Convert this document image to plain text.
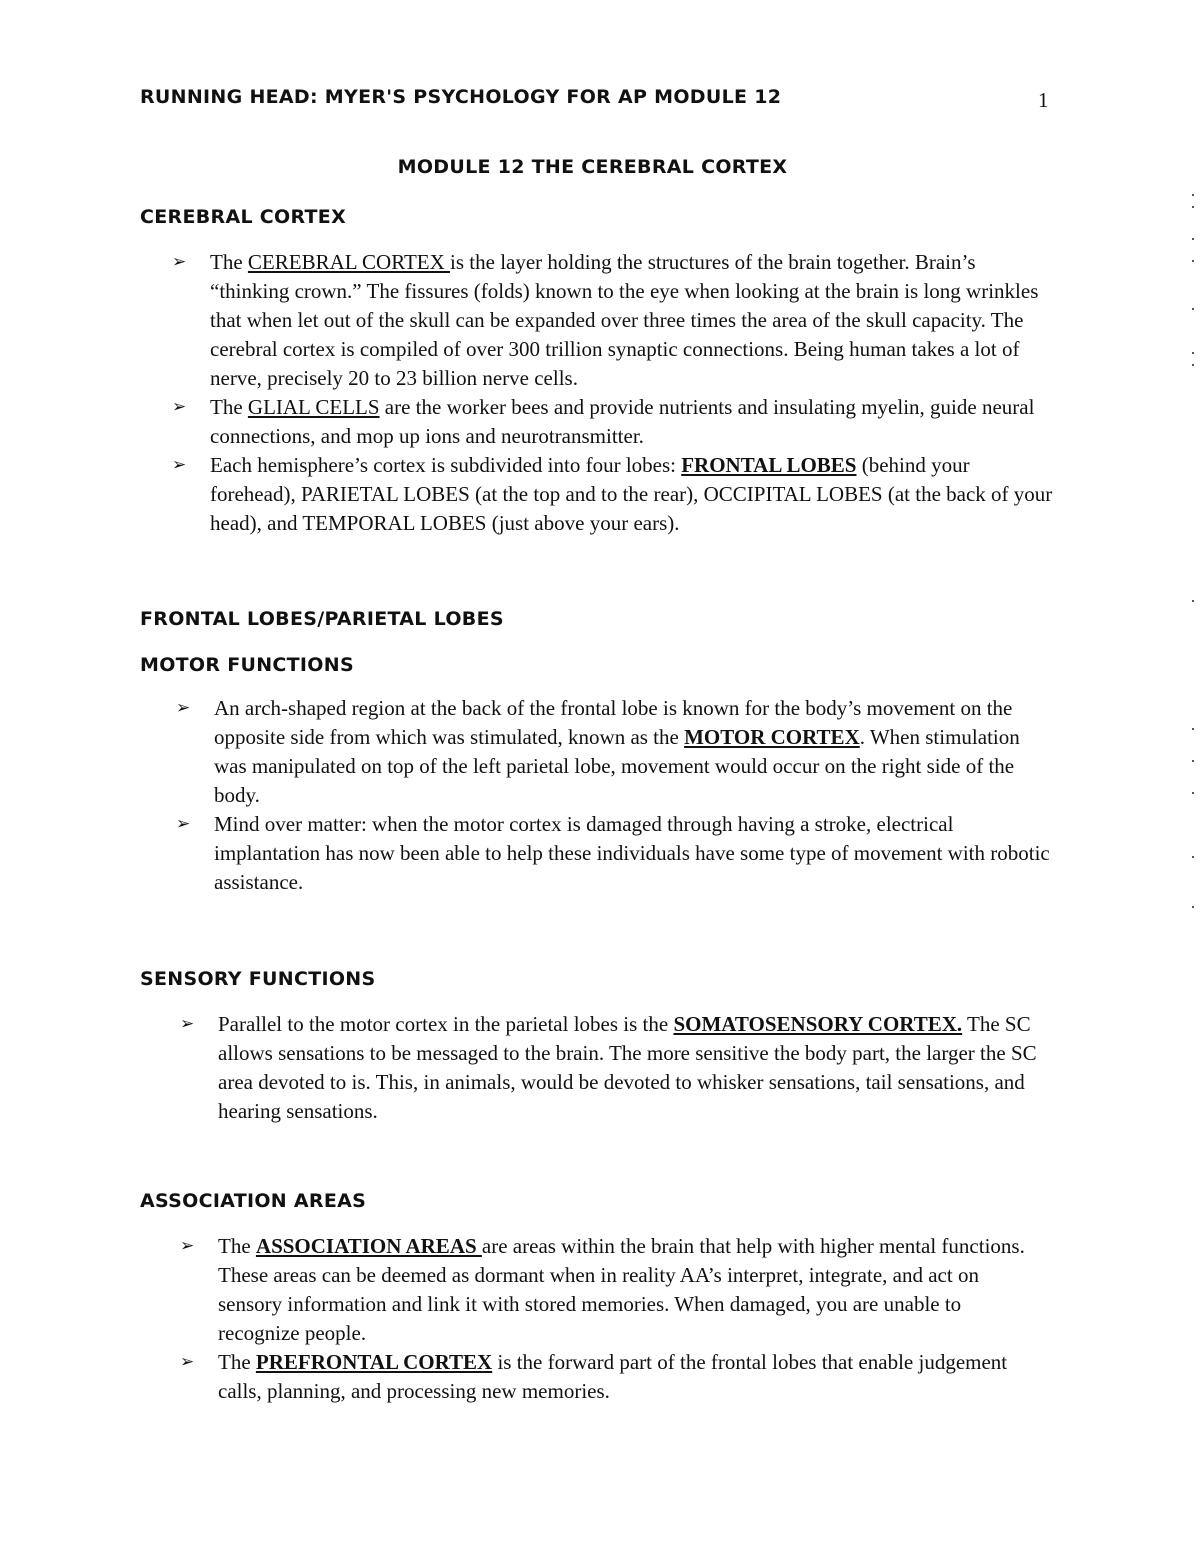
RUNNING HEAD: MYER'S PSYCHOLOGY FOR AP MODULE 12	1
MODULE 12 THE CEREBRAL CORTEX
CEREBRAL CORTEX
➢ The CEREBRAL CORTEX is the layer holding the structures of the brain together. Brain’s “thinking crown.” The fissures (folds) known to the eye when looking at the brain is long wrinkles that when let out of the skull can be expanded over three times the area of the skull capacity. The cerebral cortex is compiled of over 300 trillion synaptic connections. Being human takes a lot of nerve, precisely 20 to 23 billion nerve cells.
➢ The GLIAL CELLS are the worker bees and provide nutrients and insulating myelin, guide neural connections, and mop up ions and neurotransmitter.
➢ Each hemisphere’s cortex is subdivided into four lobes: FRONTAL LOBES (behind your forehead), PARIETAL LOBES (at the top and to the rear), OCCIPITAL LOBES (at the back of your head), and TEMPORAL LOBES (just above your ears).
FRONTAL LOBES/PARIETAL LOBES
MOTOR FUNCTIONS
➢ An arch-shaped region at the back of the frontal lobe is known for the body’s movement on the opposite side from which was stimulated, known as the MOTOR CORTEX. When stimulation was manipulated on top of the left parietal lobe, movement would occur on the right side of the body.
➢ Mind over matter: when the motor cortex is damaged through having a stroke, electrical implantation has now been able to help these individuals have some type of movement with robotic assistance.
SENSORY FUNCTIONS
➢ Parallel to the motor cortex in the parietal lobes is the SOMATOSENSORY CORTEX. The SC allows sensations to be messaged to the brain. The more sensitive the body part, the larger the SC area devoted to is. This, in animals, would be devoted to whisker sensations, tail sensations, and hearing sensations.
ASSOCIATION AREAS
➢ The ASSOCIATION AREAS are areas within the brain that help with higher mental functions. These areas can be deemed as dormant when in reality AA’s interpret, integrate, and act on sensory information and link it with stored memories. When damaged, you are unable to recognize people.
➢ The PREFRONTAL CORTEX is the forward part of the frontal lobes that enable judgement calls, planning, and processing new memories.
